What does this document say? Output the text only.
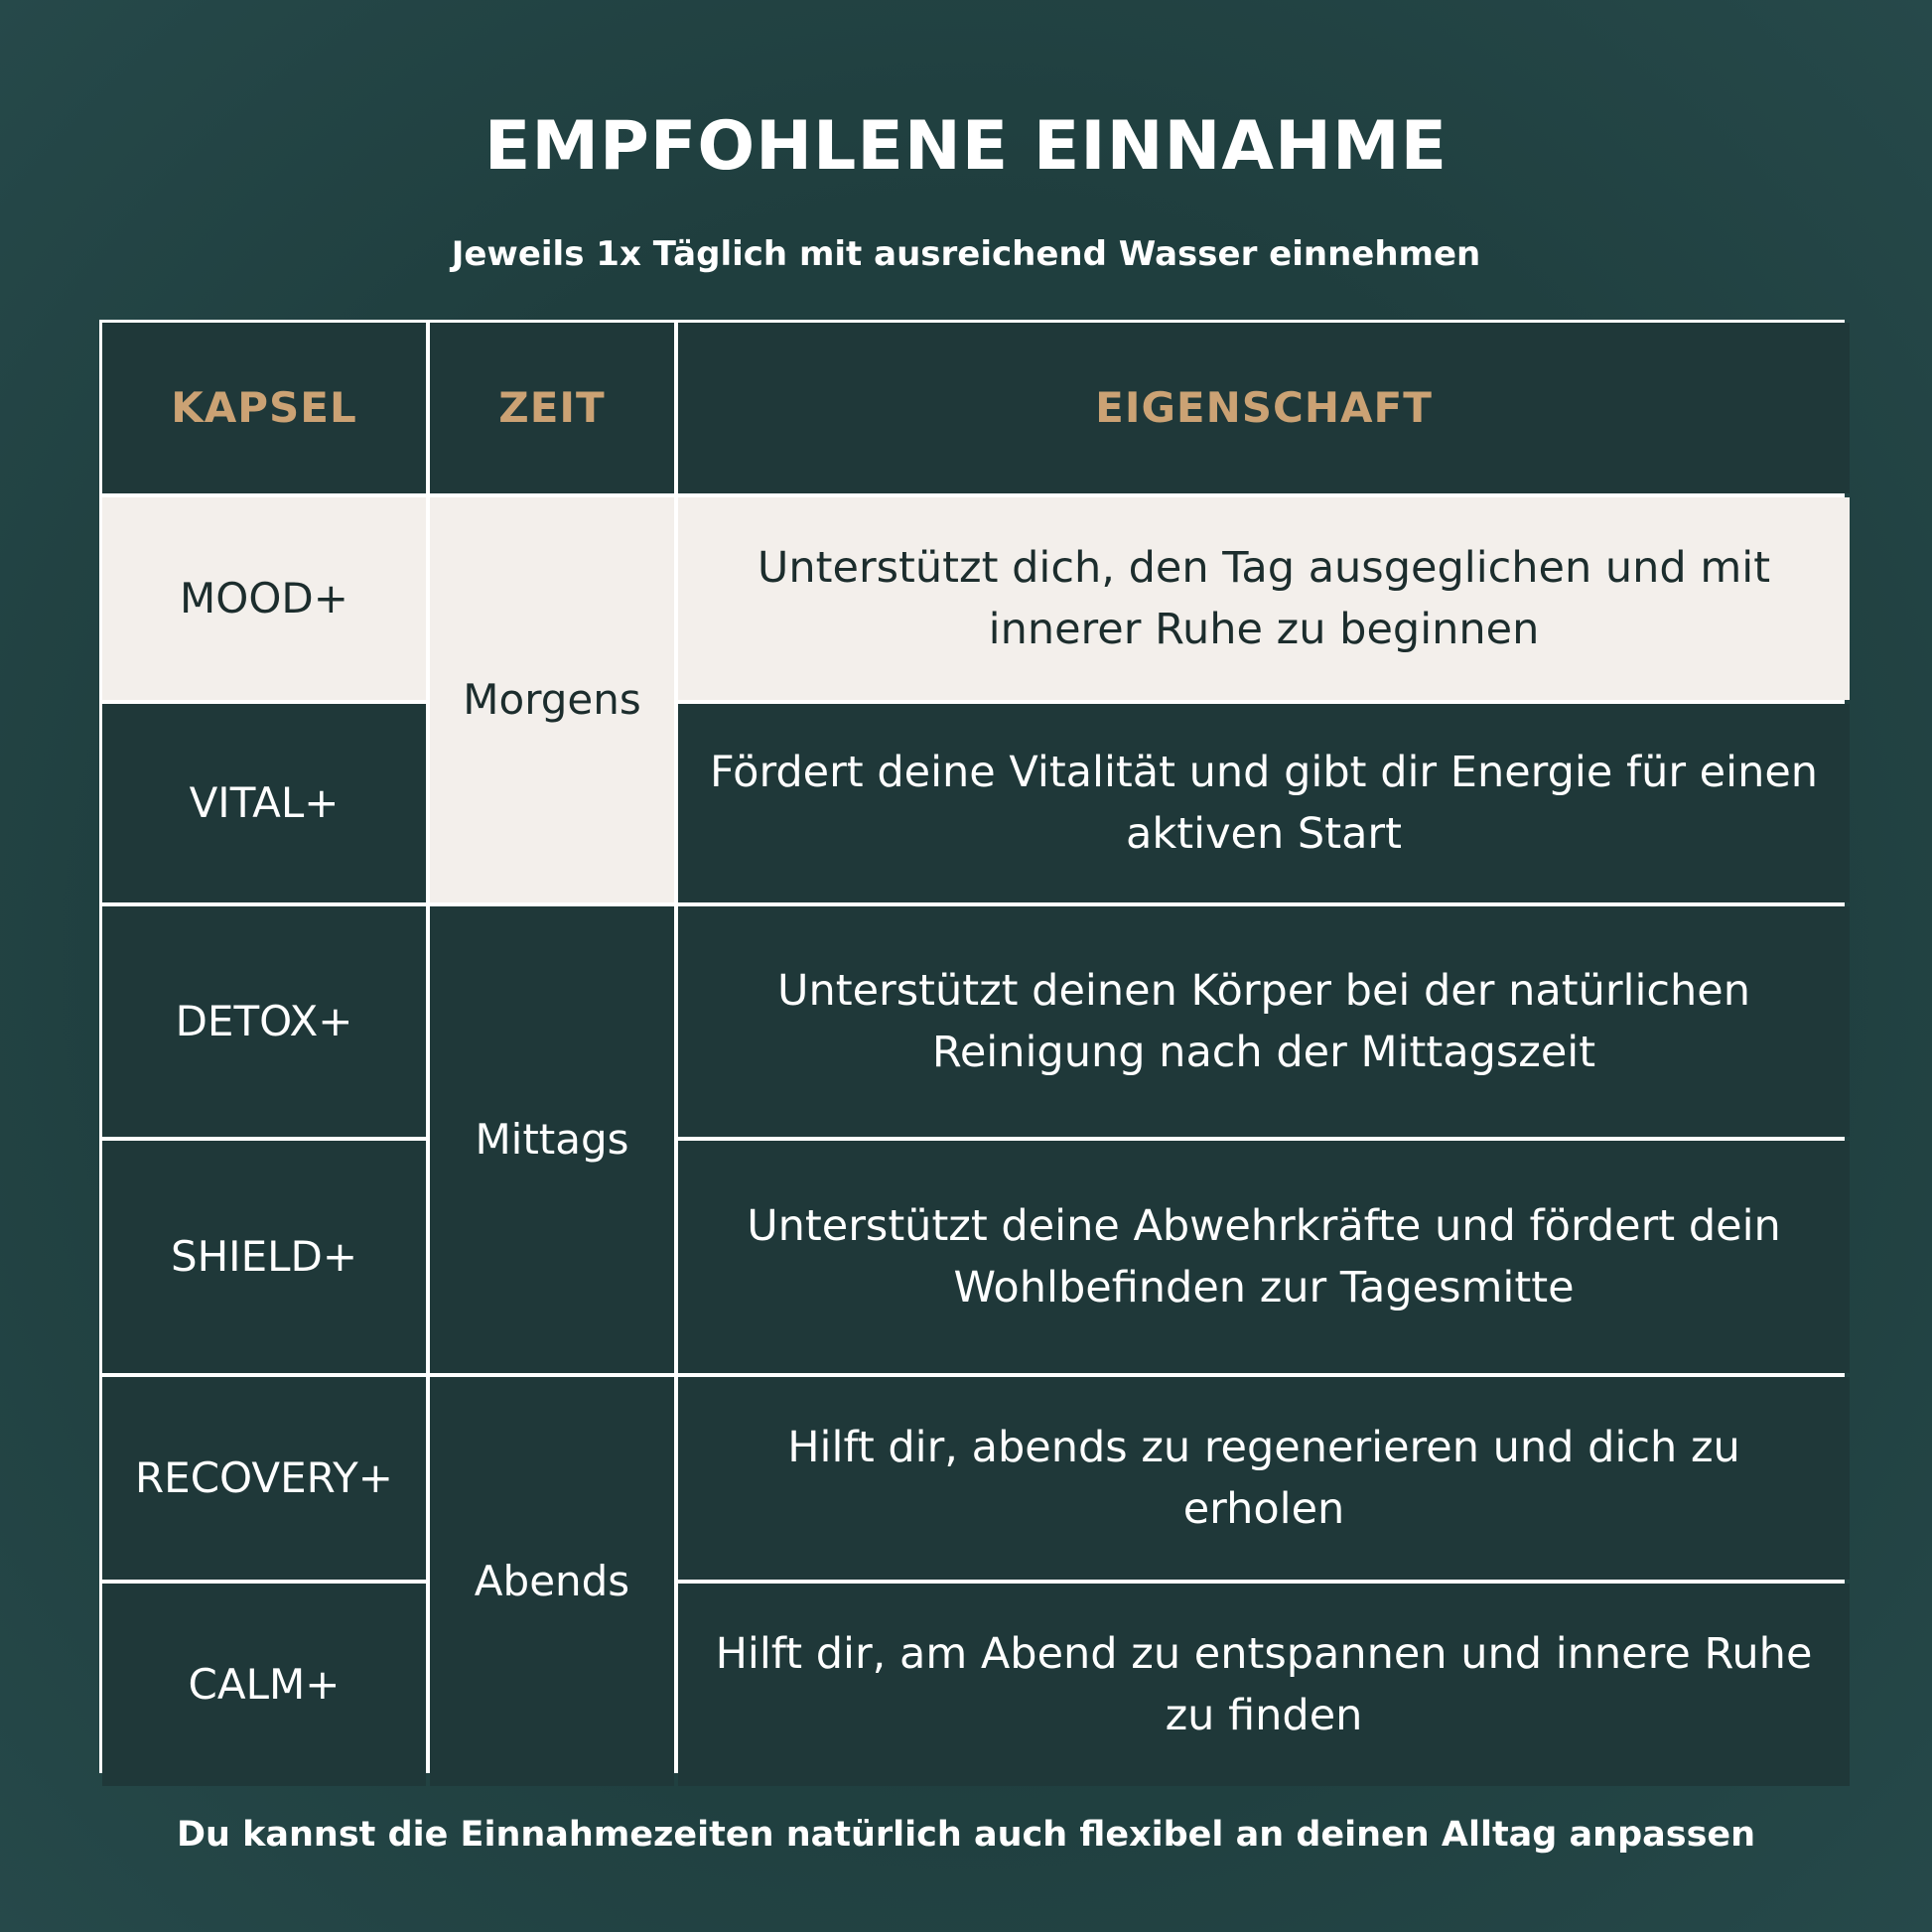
EMPFOHLENE EINNAHME
Jeweils 1x Täglich mit ausreichend Wasser einnehmen
KAPSEL	ZEIT	EIGENSCHAFT
Morgens
Mittags
Abends
MOOD+
Unterstützt dich, den Tag ausgeglichen und mit innerer Ruhe zu beginnen
VITAL+
Fördert deine Vitalität und gibt dir Energie für einen aktiven Start
DETOX+
Unterstützt deinen Körper bei der natürlichen Reinigung nach der Mittagszeit
SHIELD+
Unterstützt deine Abwehrkräfte und fördert dein Wohlbefinden zur Tagesmitte
RECOVERY+
Hilft dir, abends zu regenerieren und dich zu erholen
CALM+
Hilft dir, am Abend zu entspannen und innere Ruhe zu finden
Du kannst die Einnahmezeiten natürlich auch flexibel an deinen Alltag anpassen
